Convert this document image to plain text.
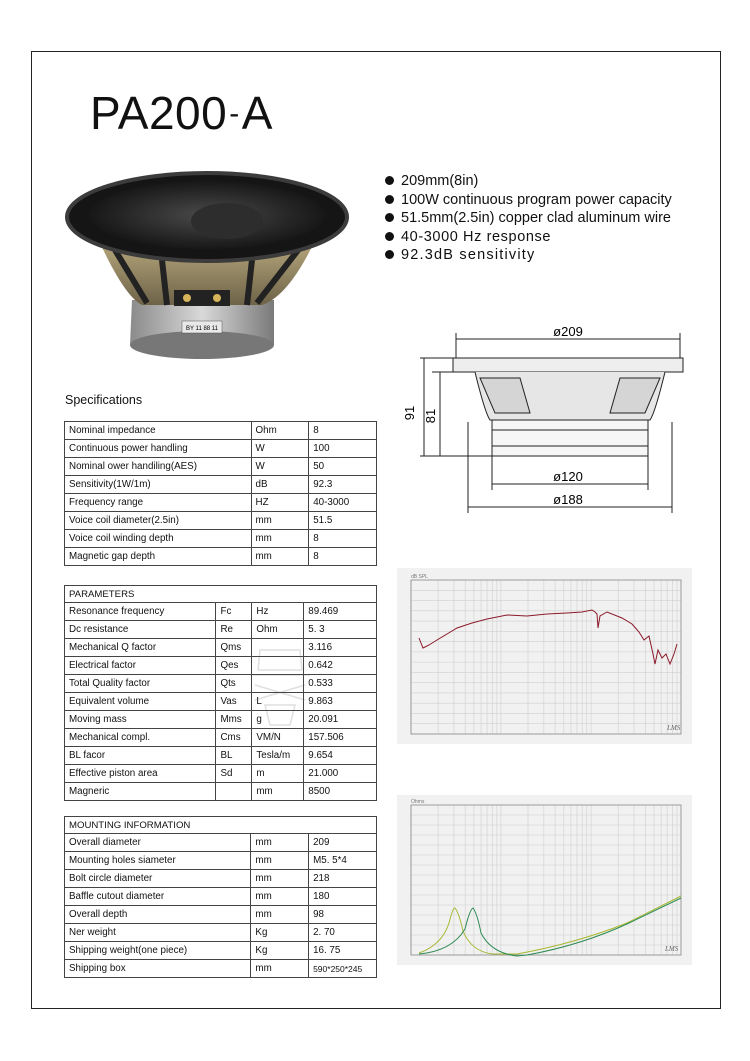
PA200-A
209mm(8in)
100W continuous program power capacity
51.5mm(2.5in) copper clad aluminum wire
40-3000 Hz response
92.3dB sensitivity
BY 11 88 11	ø209
ø120
ø188
91 81
Specifications
Nominal impedance	Ohm	8
Continuous power handling	W	100
Nominal ower handiling(AES)	W	50
Sensitivity(1W/1m)	dB	92.3
Frequency range	HZ	40-3000
Voice coil diameter(2.5in)	mm	51.5
Voice coil winding depth	mm	8
Magnetic gap depth	mm	8
PARAMETERS			
Resonance frequency	Fc	Hz	89.469
Dc resistance	Re	Ohm	5. 3
Mechanical Q factor	Qms		3.116
Electrical factor	Qes		0.642
Total Quality factor	Qts		0.533
Equivalent volume	Vas	L	9.863
Moving mass	Mms	g	20.091
Mechanical compl.	Cms	VM/N	157.506
BL facor	BL	Tesla/m	9.654
Effective piston area	Sd	m	21.000
Magneric		mm	8500
MOUNTING INFORMATION		
Overall diameter	mm	209
Mounting holes siameter	mm	M5. 5*4
Bolt circle diameter	mm	218
Baffle cutout diameter	mm	180
Overall depth	mm	98
Ner weight	Kg	2. 70
Shipping weight(one piece)	Kg	16. 75
Shipping box	mm	590*250*245
dB SPL
LMS
Ohms
LMS
